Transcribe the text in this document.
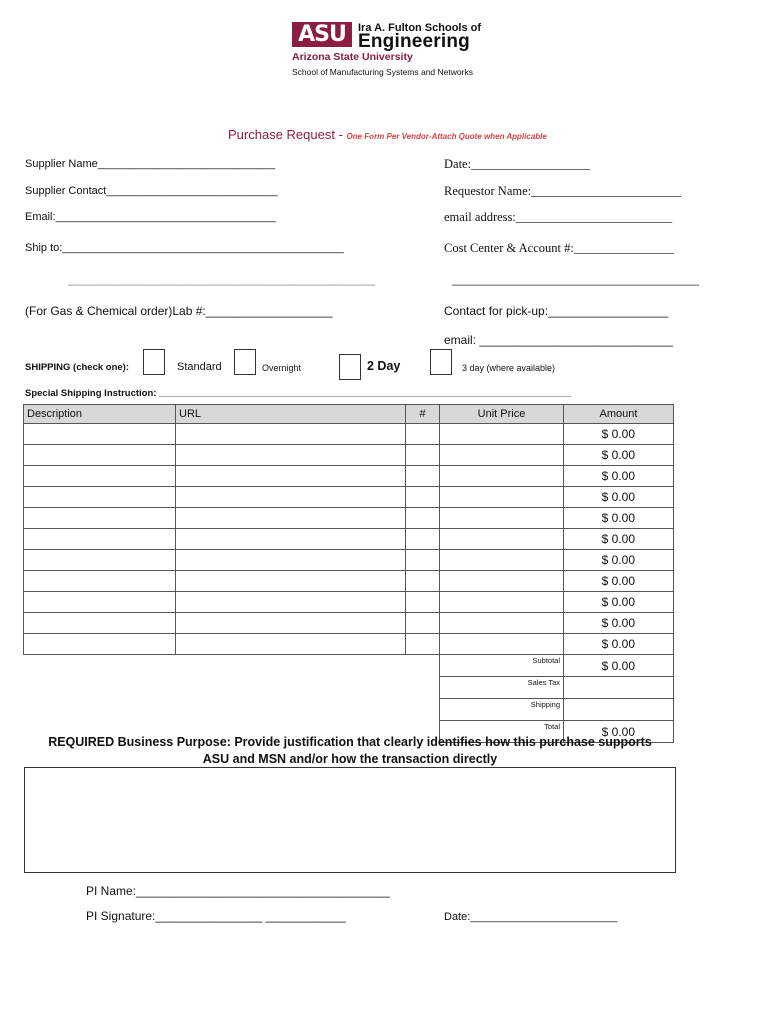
ASU	Ira A. Fulton Schools of
Engineering
Arizona State University
School of Manufacturing Systems and Networks
Purchase Request - One Form Per Vendor-Attach Quote when Applicable
Supplier Name_____________________________	Date:___________________
Supplier Contact____________________________	Requestor Name:________________________
Email:____________________________________	email address:_________________________
Ship to:______________________________________________	Cost Center & Account #:________________
______________________________________________	_____________________________________
(For Gas & Chemical order)Lab #:___________________	Contact for pick-up:__________________
email: _____________________________
SHIPPING (check one):	Standard	Overnight	2 Day	3 day (where available)
Special Shipping Instruction: ______________________________________________________________________________
Description	URL	#	Unit Price	Amount
				$ 0.00
				$ 0.00
				$ 0.00
				$ 0.00
				$ 0.00
				$ 0.00
				$ 0.00
				$ 0.00
				$ 0.00
				$ 0.00
				$ 0.00
			Subtotal	$ 0.00
			Sales Tax	
			Shipping	
			Total	$ 0.00
REQUIRED Business Purpose: Provide justification that clearly identifies how this purchase supports
ASU and MSN and/or how the transaction directly
PI Name:______________________________________
PI Signature:________________ ____________	Date:________________________
